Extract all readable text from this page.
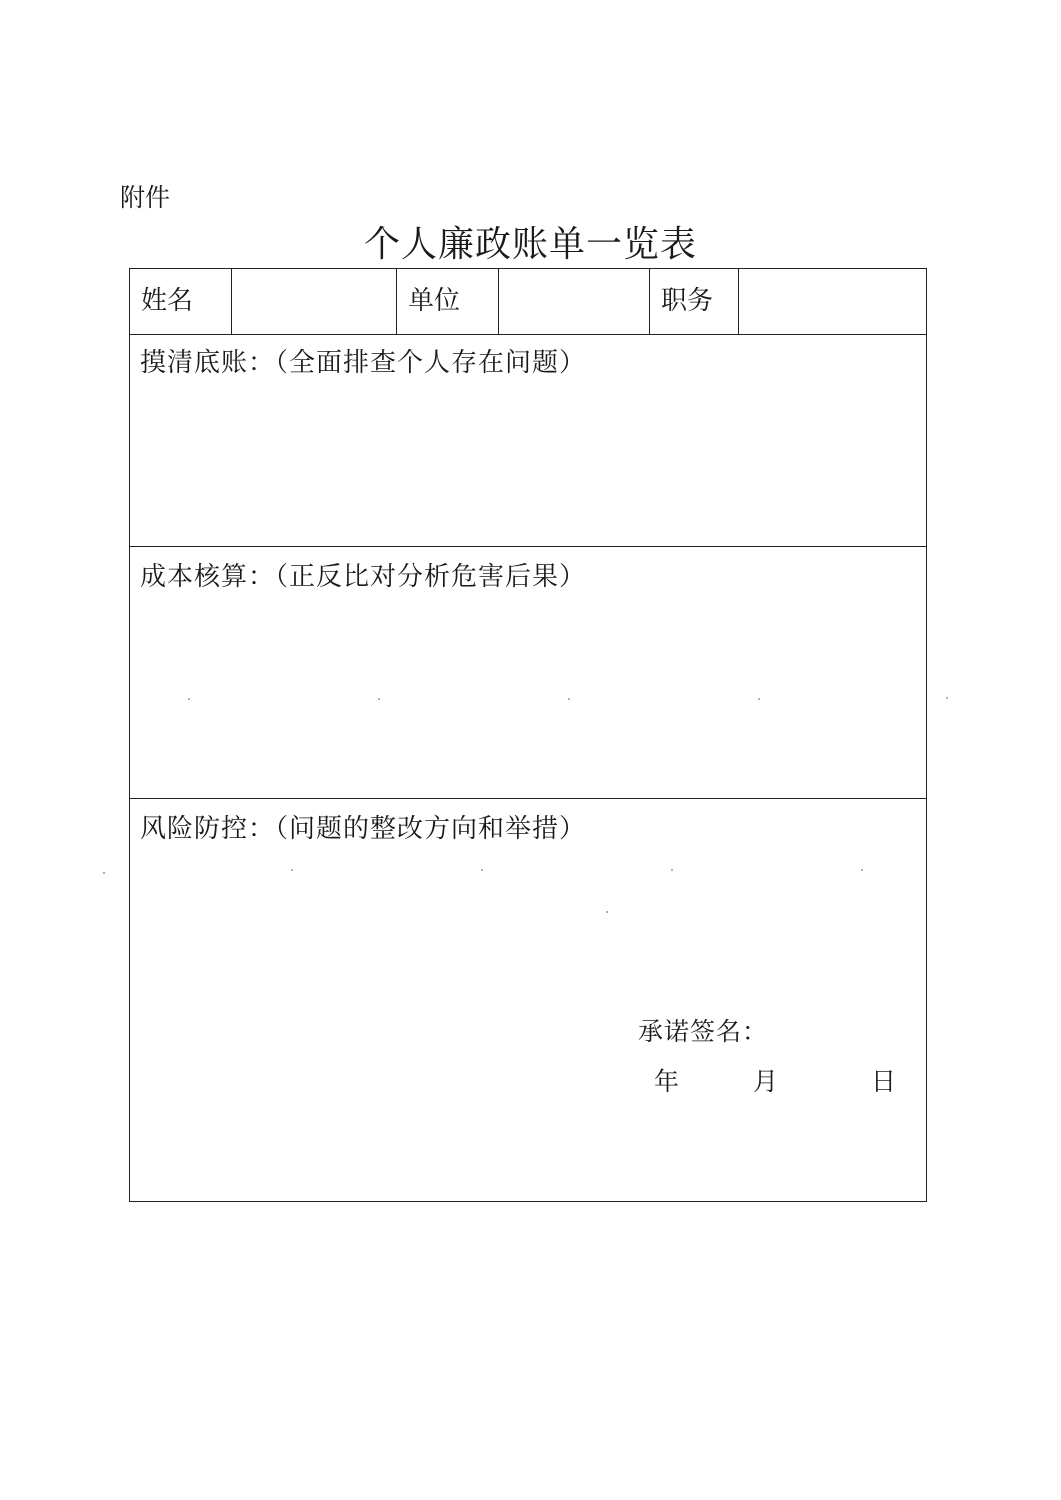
附件
个人廉政账单一览表
姓名	单位	职务
摸清底账：（全面排查个人存在问题）
成本核算：（正反比对分析危害后果）
风险防控：（问题的整改方向和举措）
承诺签名：
年	月	日
